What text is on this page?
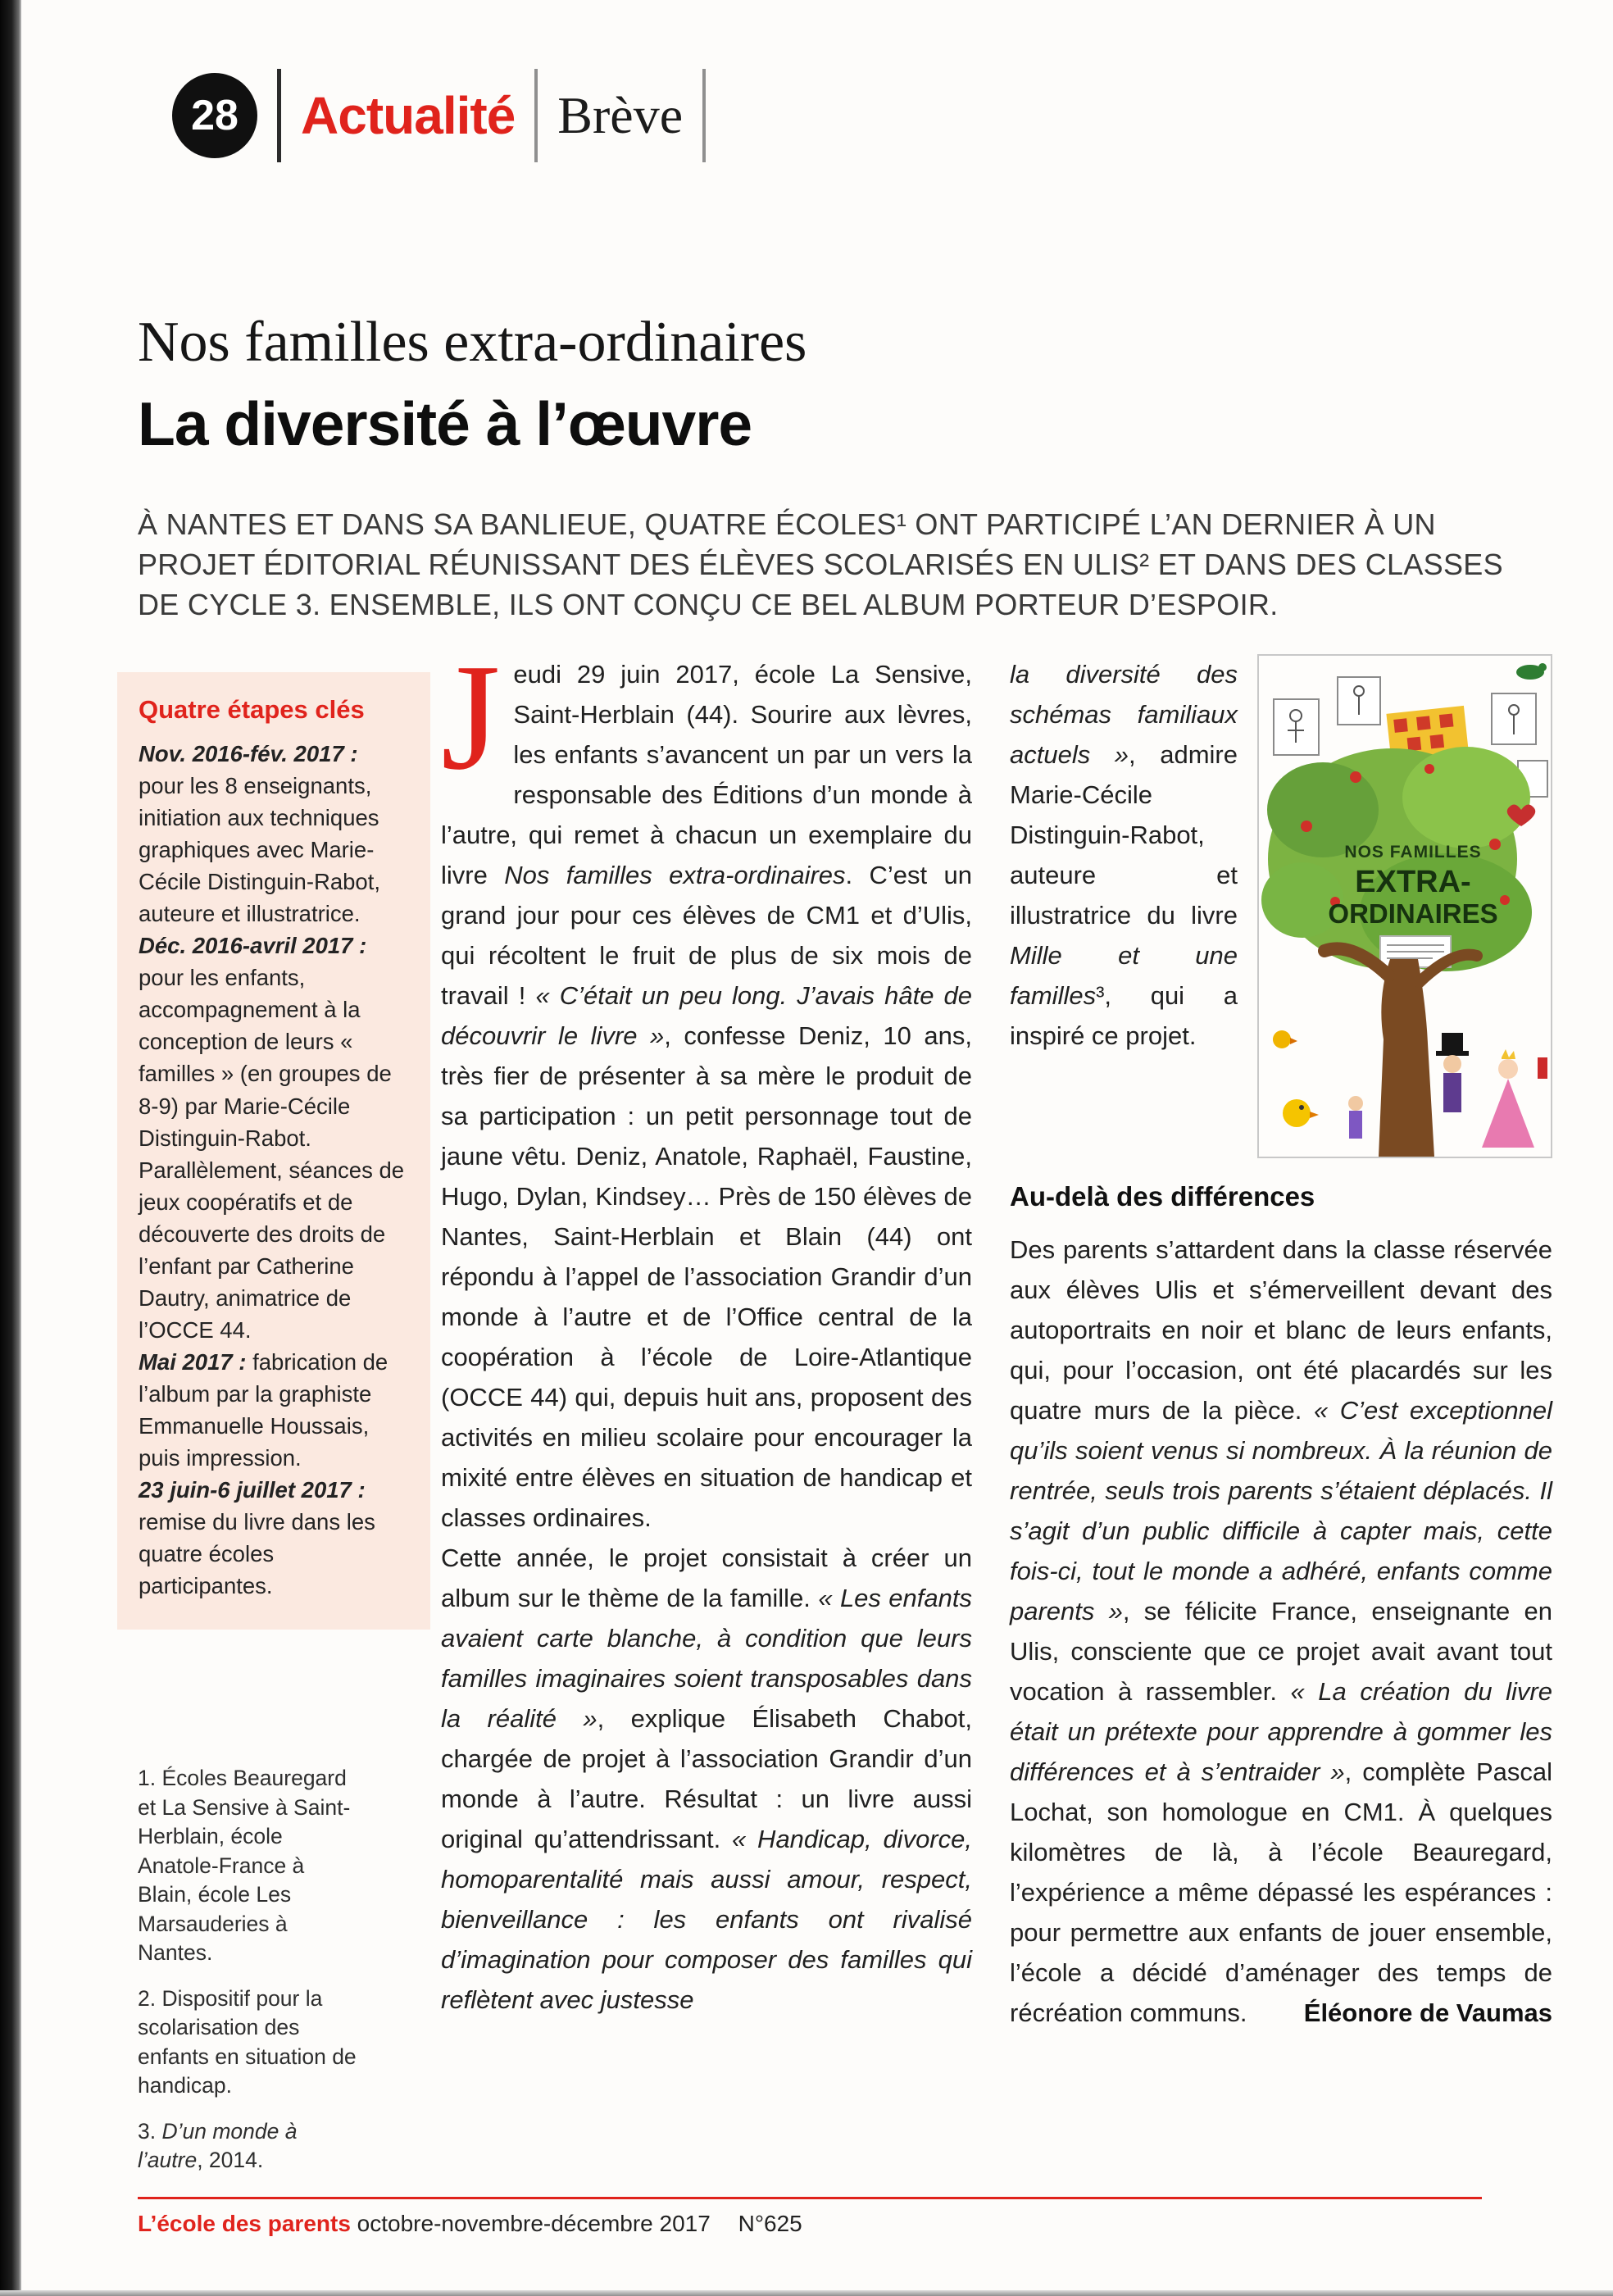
28 Actualité Brève
Nos familles extra-ordinaires
La diversité à l’œuvre

À NANTES ET DANS SA BANLIEUE, QUATRE ÉCOLES¹ ONT PARTICIPÉ L’AN DERNIER À UN PROJET ÉDITORIAL RÉUNISSANT DES ÉLÈVES SCOLARISÉS EN ULIS² ET DANS DES CLASSES DE CYCLE 3. ENSEMBLE, ILS ONT CONÇU CE BEL ALBUM PORTEUR D’ESPOIR.

Quatre étapes clés

Nov. 2016-fév. 2017 : pour les 8 enseignants, initiation aux techniques graphiques avec Marie-Cécile Distinguin-Rabot, auteure et illustratrice.

Déc. 2016-avril 2017 : pour les enfants, accompagnement à la conception de leurs « familles » (en groupes de 8-9) par Marie-Cécile Distinguin-Rabot. Parallèlement, séances de jeux coopératifs et de découverte des droits de l’enfant par Catherine Dautry, animatrice de l’OCCE 44.

Mai 2017 : fabrication de l’album par la graphiste Emmanuelle Houssais, puis impression.

23 juin-6 juillet 2017 : remise du livre dans les quatre écoles participantes.

1. Écoles Beauregard et La Sensive à Saint-Herblain, école Anatole-France à Blain, école Les Marsauderies à Nantes.

2. Dispositif pour la scolarisation des enfants en situation de handicap.

3. D’un monde à l’autre, 2014.

Jeudi 29 juin 2017, école La Sensive, Saint-Herblain (44). Sourire aux lèvres, les enfants s’avancent un par un vers la responsable des Éditions d’un monde à l’autre, qui remet à chacun un exemplaire du livre Nos familles extra-ordinaires. C’est un grand jour pour ces élèves de CM1 et d’Ulis, qui récoltent le fruit de plus de six mois de travail ! « C’était un peu long. J’avais hâte de découvrir le livre », confesse Deniz, 10 ans, très fier de présenter à sa mère le produit de sa participation : un petit personnage tout de jaune vêtu. Deniz, Anatole, Raphaël, Faustine, Hugo, Dylan, Kindsey… Près de 150 élèves de Nantes, Saint-Herblain et Blain (44) ont répondu à l’appel de l’association Grandir d’un monde à l’autre et de l’Office central de la coopération à l’école de Loire-Atlantique (OCCE 44) qui, depuis huit ans, proposent des activités en milieu scolaire pour encourager la mixité entre élèves en situation de handicap et classes ordinaires.

Cette année, le projet consistait à créer un album sur le thème de la famille. « Les enfants avaient carte blanche, à condition que leurs familles imaginaires soient transposables dans la réalité », explique Élisabeth Chabot, chargée de projet à l’association Grandir d’un monde à l’autre. Résultat : un livre aussi original qu’attendrissant. « Handicap, divorce, homoparentalité mais aussi amour, respect, bienveillance : les enfants ont rivalisé d’imagination pour composer des familles qui reflètent avec justesse

NOS FAMILLES
EXTRA-
ORDINAIRES

la diversité des schémas familiaux actuels », admire Marie-Cécile Distinguin-Rabot, auteure et illustratrice du livre Mille et une familles³, qui a inspiré ce projet.

Au-delà des différences

Des parents s’attardent dans la classe réservée aux élèves Ulis et s’émerveillent devant des autoportraits en noir et blanc de leurs enfants, qui, pour l’occasion, ont été placardés sur les quatre murs de la pièce. « C’est exceptionnel qu’ils soient venus si nombreux. À la réunion de rentrée, seuls trois parents s’étaient déplacés. Il s’agit d’un public difficile à capter mais, cette fois-ci, tout le monde a adhéré, enfants comme parents », se félicite France, enseignante en Ulis, consciente que ce projet avait avant tout vocation à rassembler. « La création du livre était un prétexte pour apprendre à gommer les différences et à s’entraider », complète Pascal Lochat, son homologue en CM1. À quelques kilomètres de là, à l’école Beauregard, l’expérience a même dépassé les espérances : pour permettre aux enfants de jouer ensemble, l’école a décidé d’aménager des temps de récréation communs.	Éléonore de Vaumas

L’école des parents octobre-novembre-décembre 2017 N°625
